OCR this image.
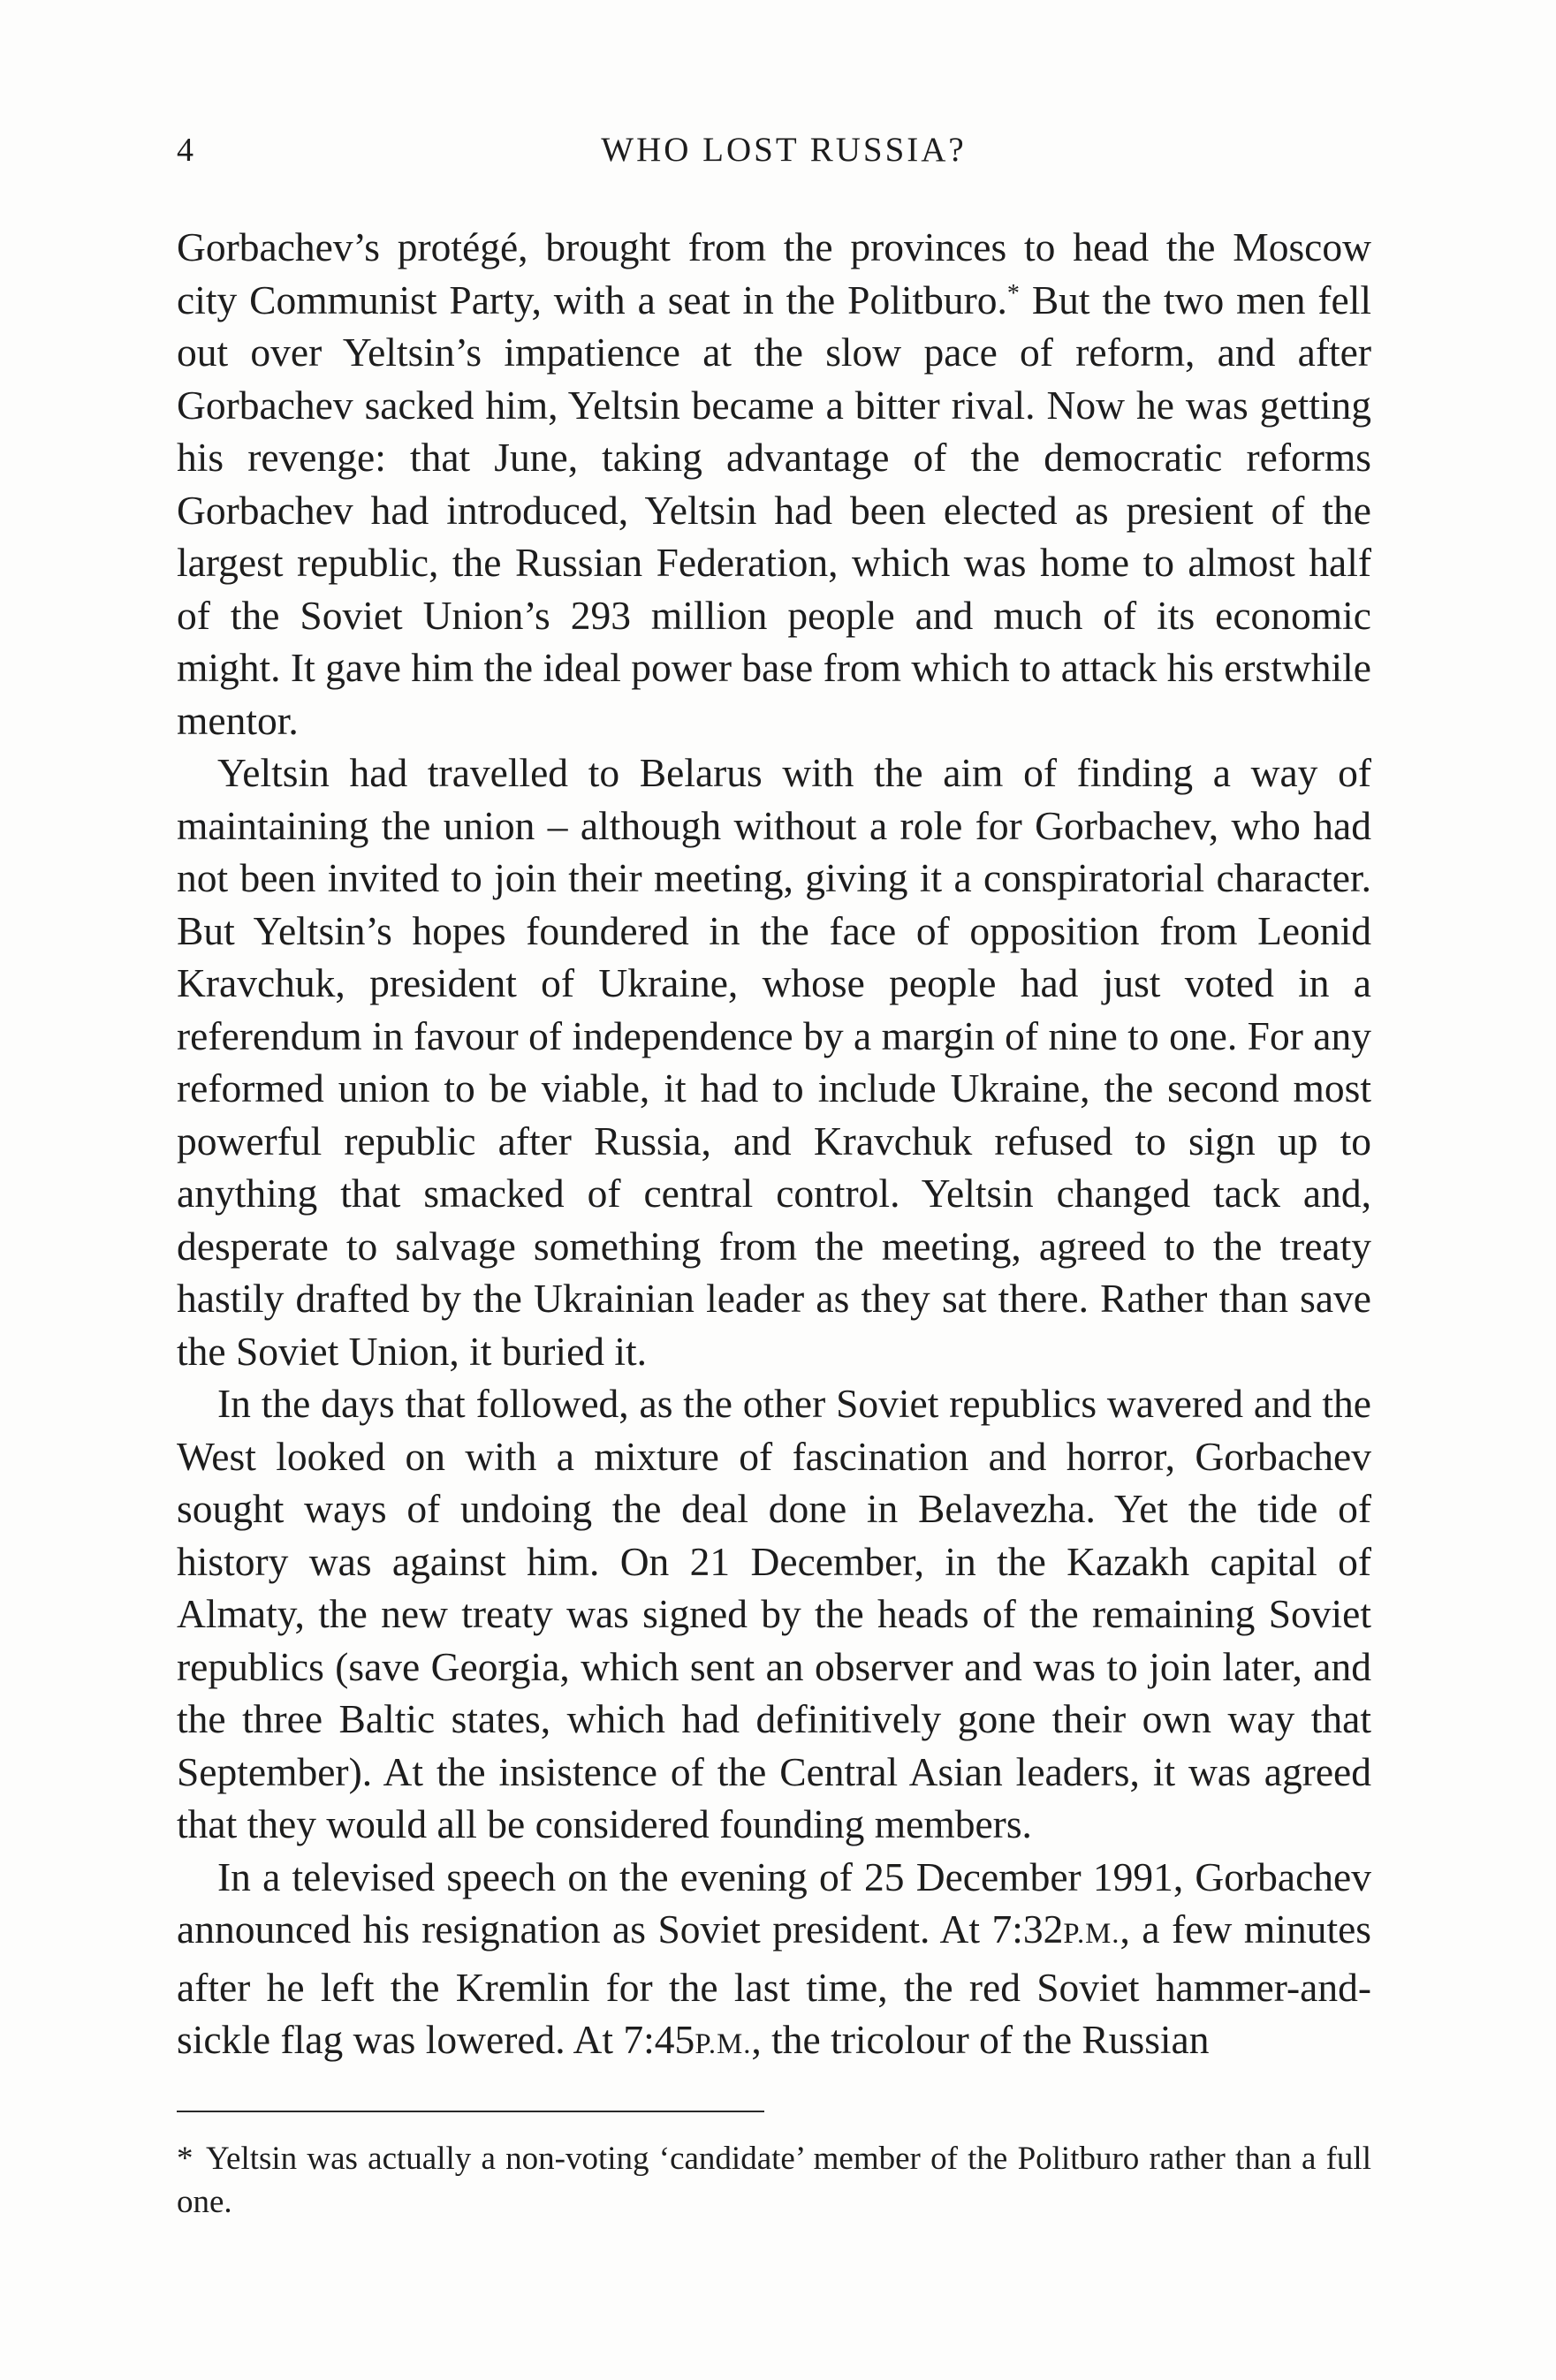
4	WHO LOST RUSSIA?

Gorbachev’s protégé, brought from the provinces to head the Moscow city Communist Party, with a seat in the Politburo.* But the two men fell out over Yeltsin’s impatience at the slow pace of reform, and after Gorbachev sacked him, Yeltsin became a bitter rival. Now he was getting his revenge: that June, taking advantage of the democratic reforms Gorbachev had introduced, Yeltsin had been elected as presient of the largest republic, the Russian Federation, which was home to almost half of the Soviet Union’s 293 million people and much of its economic might. It gave him the ideal power base from which to attack his erstwhile mentor.

Yeltsin had travelled to Belarus with the aim of finding a way of maintaining the union – although without a role for Gorbachev, who had not been invited to join their meeting, giving it a conspiratorial character. But Yeltsin’s hopes foundered in the face of opposition from Leonid Kravchuk, president of Ukraine, whose people had just voted in a referendum in favour of independence by a margin of nine to one. For any reformed union to be viable, it had to include Ukraine, the second most powerful republic after Russia, and Kravchuk refused to sign up to anything that smacked of central control. Yeltsin changed tack and, desperate to salvage something from the meeting, agreed to the treaty hastily drafted by the Ukrainian leader as they sat there. Rather than save the Soviet Union, it buried it.

In the days that followed, as the other Soviet republics wavered and the West looked on with a mixture of fascination and horror, Gorbachev sought ways of undoing the deal done in Belavezha. Yet the tide of history was against him. On 21 December, in the Kazakh capital of Almaty, the new treaty was signed by the heads of the remaining Soviet republics (save Georgia, which sent an observer and was to join later, and the three Baltic states, which had definitively gone their own way that September). At the insistence of the Central Asian leaders, it was agreed that they would all be considered founding members.

In a televised speech on the evening of 25 December 1991, Gorbachev announced his resignation as Soviet president. At 7:32P.M., a few minutes after he left the Kremlin for the last time, the red Soviet hammer-and-sickle flag was lowered. At 7:45P.M., the tricolour of the Russian

* Yeltsin was actually a non-voting ‘candidate’ member of the Politburo rather than a full one.
